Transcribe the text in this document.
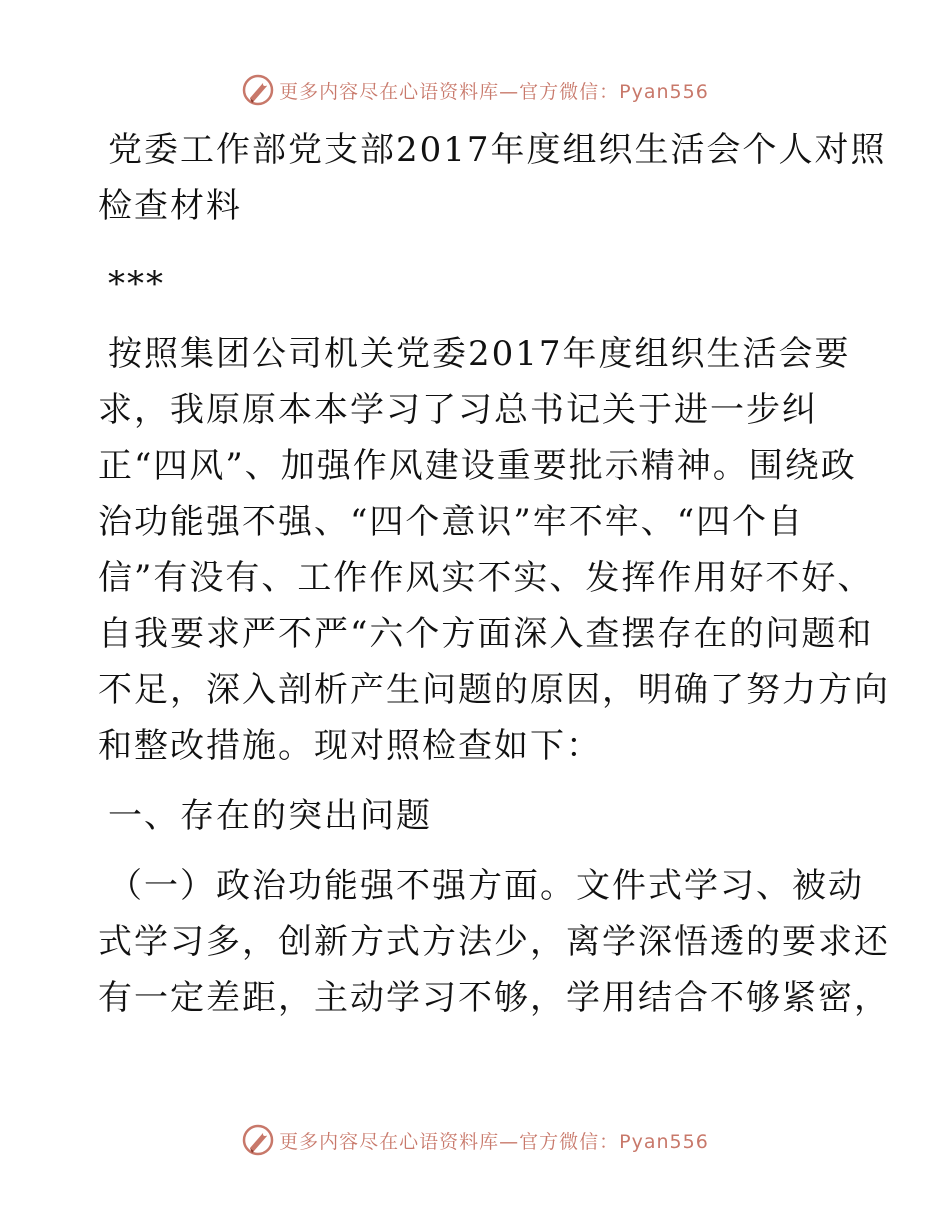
更多内容尽在心语资料库—官方微信：Pyan556
党委工作部党支部2017年度组织生活会个人对照
检查材料
***
按照集团公司机关党委2017年度组织生活会要
求，我原原本本学习了习总书记关于进一步纠
正“四风”、加强作风建设重要批示精神。围绕政
治功能强不强、“四个意识”牢不牢、“四个自
信”有没有、工作作风实不实、发挥作用好不好、
自我要求严不严“六个方面深入查摆存在的问题和
不足，深入剖析产生问题的原因，明确了努力方向
和整改措施。现对照检查如下：
一、存在的突出问题
（一）政治功能强不强方面。文件式学习、被动
式学习多，创新方式方法少，离学深悟透的要求还
有一定差距，主动学习不够，学用结合不够紧密，
更多内容尽在心语资料库—官方微信：Pyan556
